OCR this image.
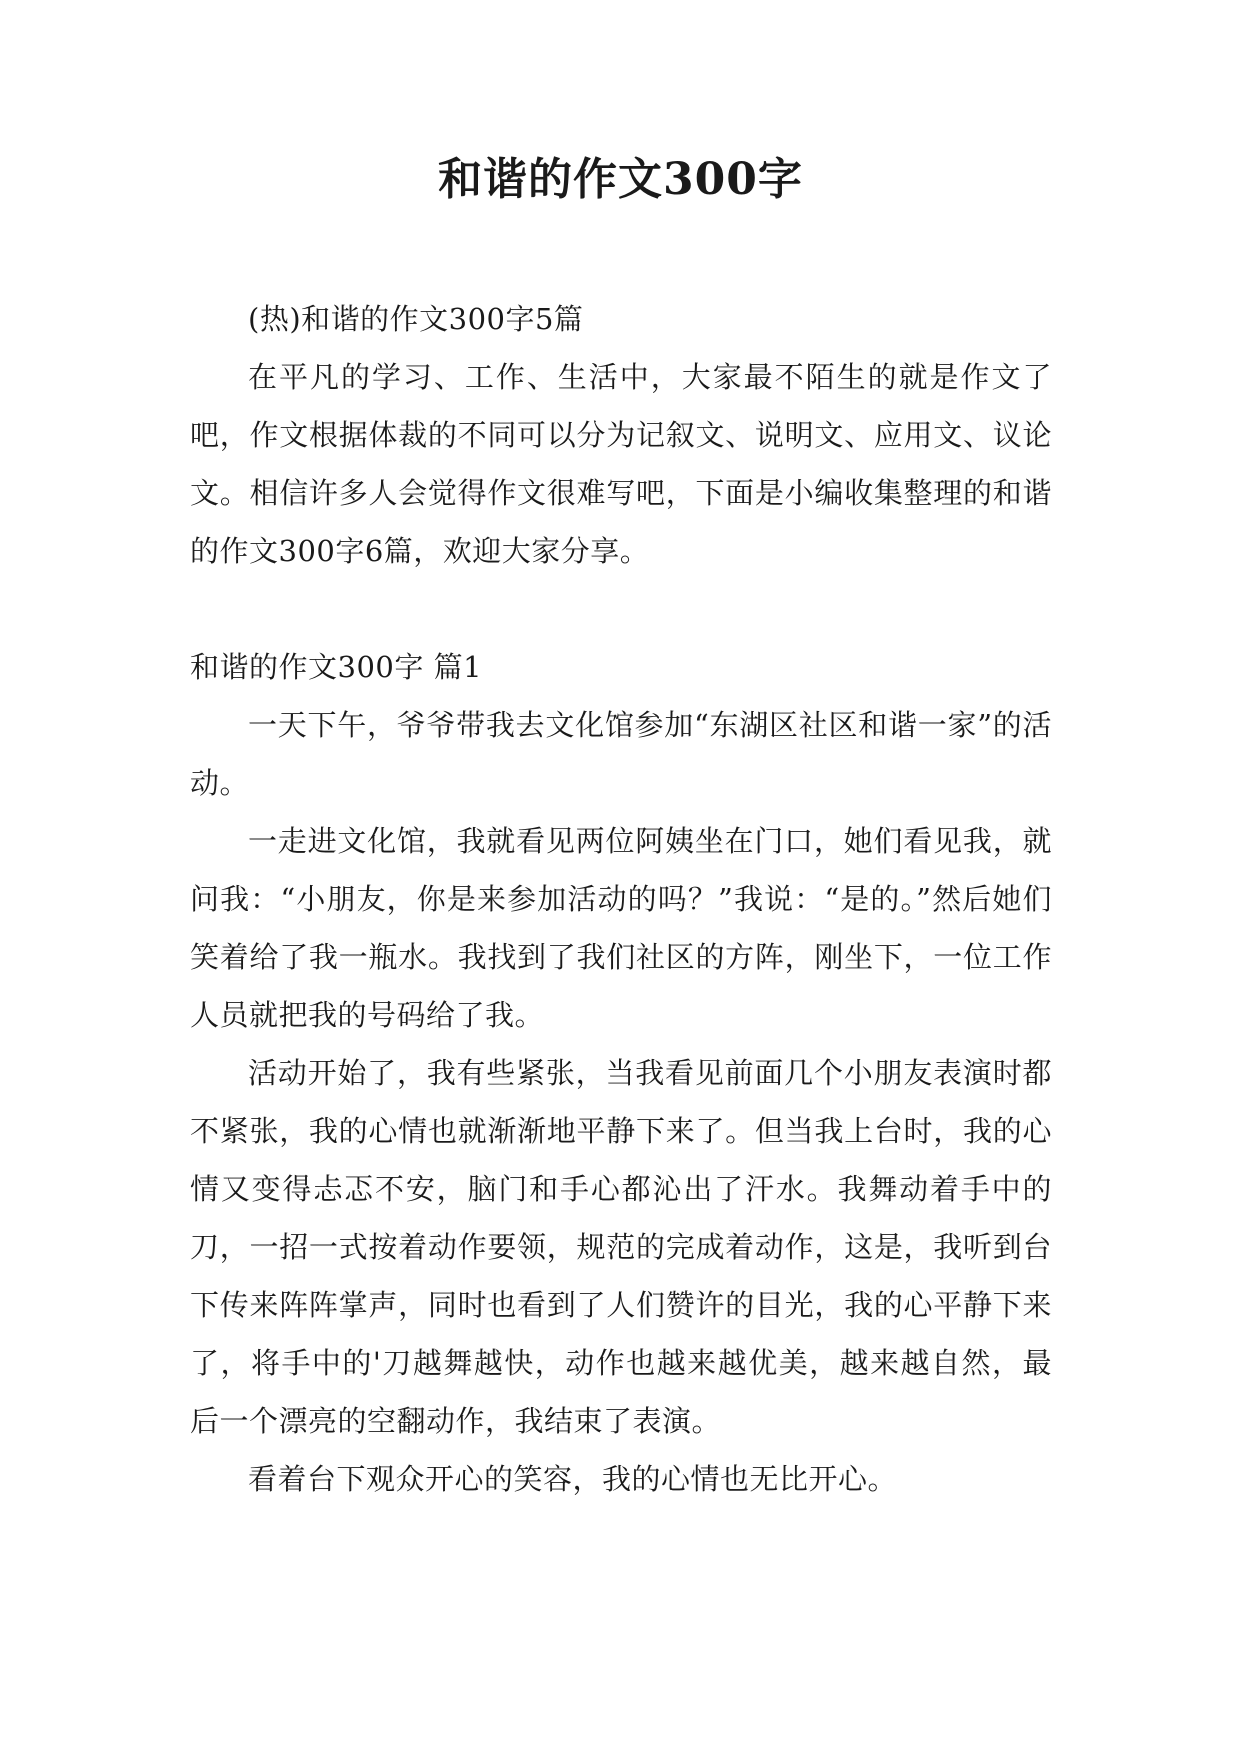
和谐的作文300字

(热)和谐的作文300字5篇

在平凡的学习、工作、生活中，大家最不陌生的就是作文了吧，作文根据体裁的不同可以分为记叙文、说明文、应用文、议论文。相信许多人会觉得作文很难写吧，下面是小编收集整理的和谐的作文300字6篇，欢迎大家分享。

和谐的作文300字 篇1

一天下午，爷爷带我去文化馆参加“东湖区社区和谐一家”的活动。

一走进文化馆，我就看见两位阿姨坐在门口，她们看见我，就问我：“小朋友，你是来参加活动的吗？”我说：“是的。”然后她们笑着给了我一瓶水。我找到了我们社区的方阵，刚坐下，一位工作人员就把我的号码给了我。

活动开始了，我有些紧张，当我看见前面几个小朋友表演时都不紧张，我的心情也就渐渐地平静下来了。但当我上台时，我的心情又变得忐忑不安，脑门和手心都沁出了汗水。我舞动着手中的刀，一招一式按着动作要领，规范的完成着动作，这是，我听到台下传来阵阵掌声，同时也看到了人们赞许的目光，我的心平静下来了，将手中的'刀越舞越快，动作也越来越优美，越来越自然，最后一个漂亮的空翻动作，我结束了表演。

看着台下观众开心的笑容，我的心情也无比开心。
